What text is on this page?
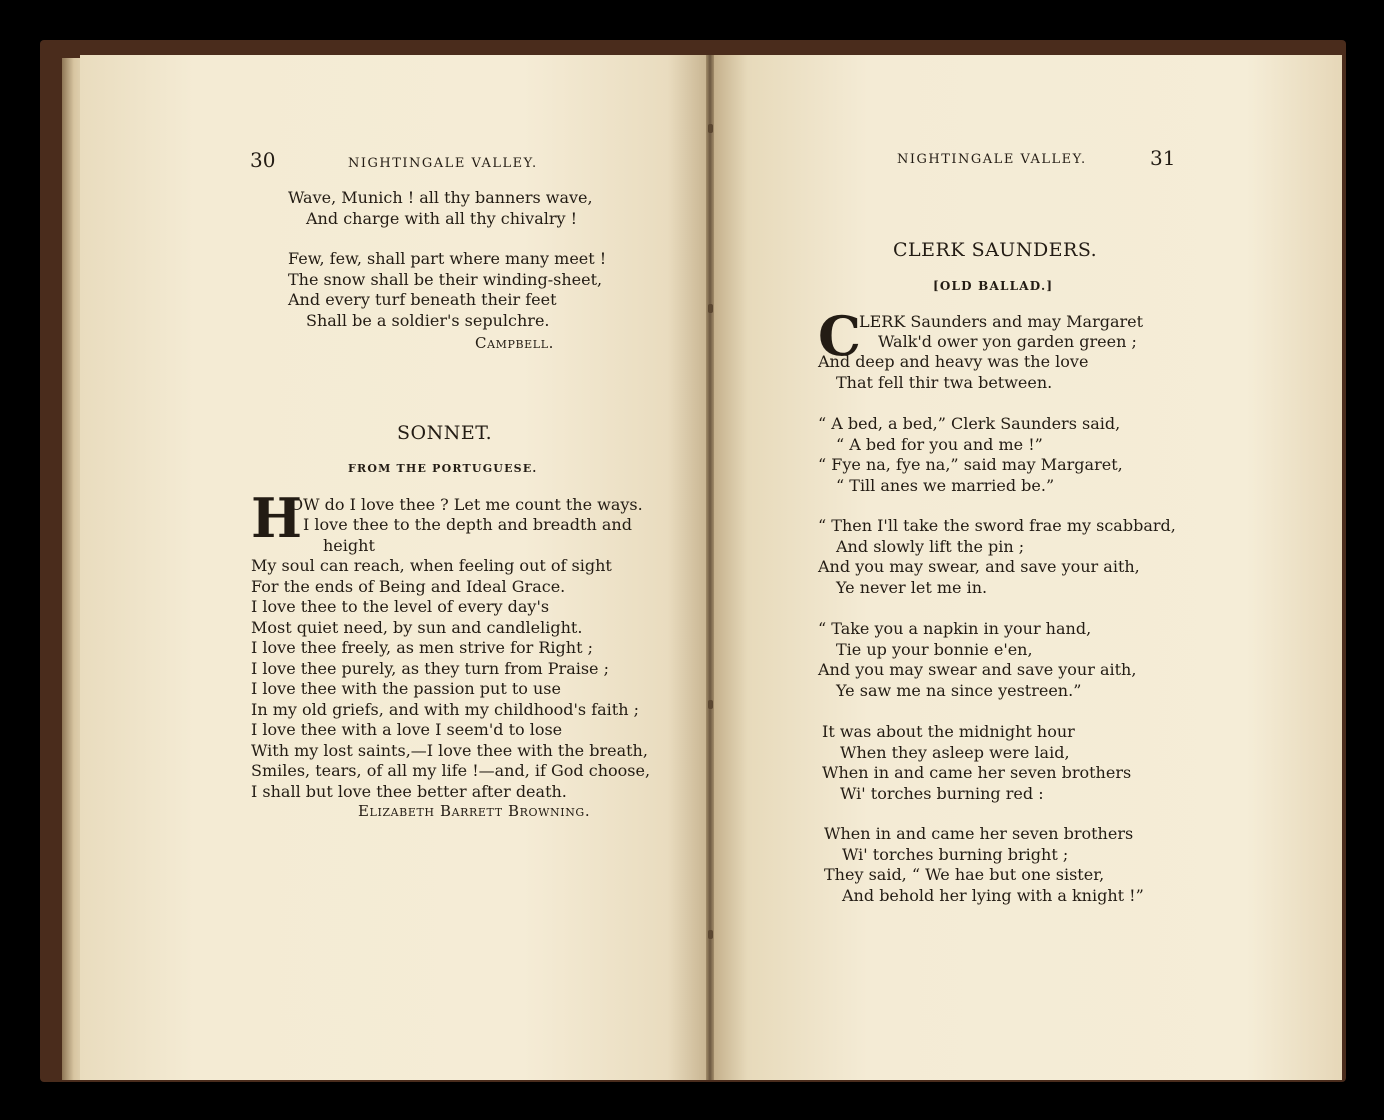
30	NIGHTINGALE VALLEY.
Wave, Munich ! all thy banners wave,
And charge with all thy chivalry !
Few, few, shall part where many meet !
The snow shall be their winding-sheet,
And every turf beneath their feet
Shall be a soldier's sepulchre.
Campbell.
SONNET.
FROM THE PORTUGUESE.
H
OW do I love thee ? Let me count the ways.
I love thee to the depth and breadth and
height
My soul can reach, when feeling out of sight
For the ends of Being and Ideal Grace.
I love thee to the level of every day's
Most quiet need, by sun and candlelight.
I love thee freely, as men strive for Right ;
I love thee purely, as they turn from Praise ;
I love thee with the passion put to use
In my old griefs, and with my childhood's faith ;
I love thee with a love I seem'd to lose
With my lost saints,—I love thee with the breath,
Smiles, tears, of all my life !—and, if God choose,
I shall but love thee better after death.
Elizabeth Barrett Browning.
NIGHTINGALE VALLEY.	31
CLERK SAUNDERS.
[OLD BALLAD.]
C
LERK Saunders and may Margaret
Walk'd ower yon garden green ;
And deep and heavy was the love
That fell thir twa between.
“ A bed, a bed,” Clerk Saunders said,
“ A bed for you and me !”
“ Fye na, fye na,” said may Margaret,
“ Till anes we married be.”
“ Then I'll take the sword frae my scabbard,
And slowly lift the pin ;
And you may swear, and save your aith,
Ye never let me in.
“ Take you a napkin in your hand,
Tie up your bonnie e'en,
And you may swear and save your aith,
Ye saw me na since yestreen.”
It was about the midnight hour
When they asleep were laid,
When in and came her seven brothers
Wi' torches burning red :
When in and came her seven brothers
Wi' torches burning bright ;
They said, “ We hae but one sister,
And behold her lying with a knight !”
